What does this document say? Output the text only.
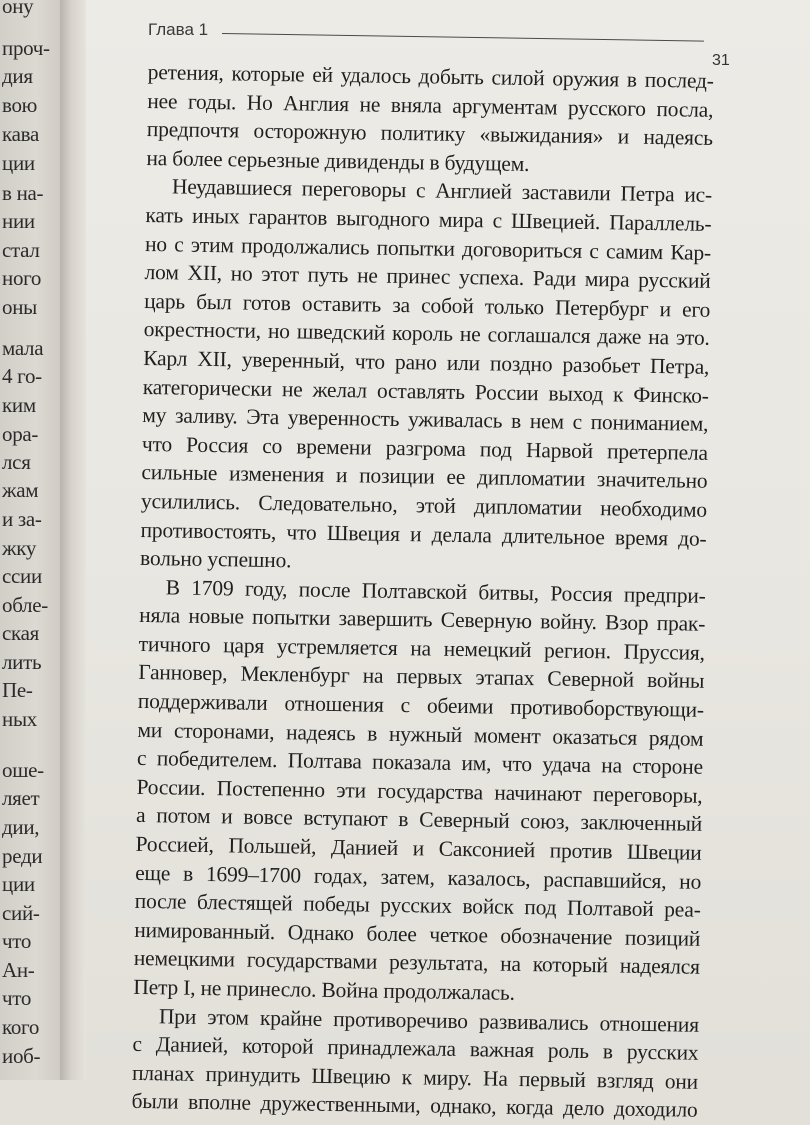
ону

проч-

дия

вою

кава

ции

в на-

нии

стал

ного

оны

мала

4 го-

ким

ора-

лся

жам

и за-

жку

ссии

обле-

ская

лить

Пе-

ных

оше-

ляет

дии,

реди

ции

сий-

что

Ан-

что

кого

иоб-

Глава 1
31
ретения, которые ей удалось добыть силой оружия в послед-
нее годы. Но Англия не вняла аргументам русского посла,
предпочтя осторожную политику «выжидания» и надеясь
на более серьезные дивиденды в будущем.
Неудавшиеся переговоры с Англией заставили Петра ис-
кать иных гарантов выгодного мира с Швецией. Параллель-
но с этим продолжались попытки договориться с самим Кар-
лом XII, но этот путь не принес успеха. Ради мира русский
царь был готов оставить за собой только Петербург и его
окрестности, но шведский король не соглашался даже на это.
Карл XII, уверенный, что рано или поздно разобьет Петра,
категорически не желал оставлять России выход к Финско-
му заливу. Эта уверенность уживалась в нем с пониманием,
что Россия со времени разгрома под Нарвой претерпела
сильные изменения и позиции ее дипломатии значительно
усилились. Следовательно, этой дипломатии необходимо
противостоять, что Швеция и делала длительное время до-
вольно успешно.
В 1709 году, после Полтавской битвы, Россия предпри-
няла новые попытки завершить Северную войну. Взор прак-
тичного царя устремляется на немецкий регион. Пруссия,
Ганновер, Мекленбург на первых этапах Северной войны
поддерживали отношения с обеими противоборствующи-
ми сторонами, надеясь в нужный момент оказаться рядом
с победителем. Полтава показала им, что удача на стороне
России. Постепенно эти государства начинают переговоры,
а потом и вовсе вступают в Северный союз, заключенный
Россией, Польшей, Данией и Саксонией против Швеции
еще в 1699–1700 годах, затем, казалось, распавшийся, но
после блестящей победы русских войск под Полтавой реа-
нимированный. Однако более четкое обозначение позиций
немецкими государствами результата, на который надеялся
Петр I, не принесло. Война продолжалась.
При этом крайне противоречиво развивались отношения
с Данией, которой принадлежала важная роль в русских
планах принудить Швецию к миру. На первый взгляд они
были вполне дружественными, однако, когда дело доходило
